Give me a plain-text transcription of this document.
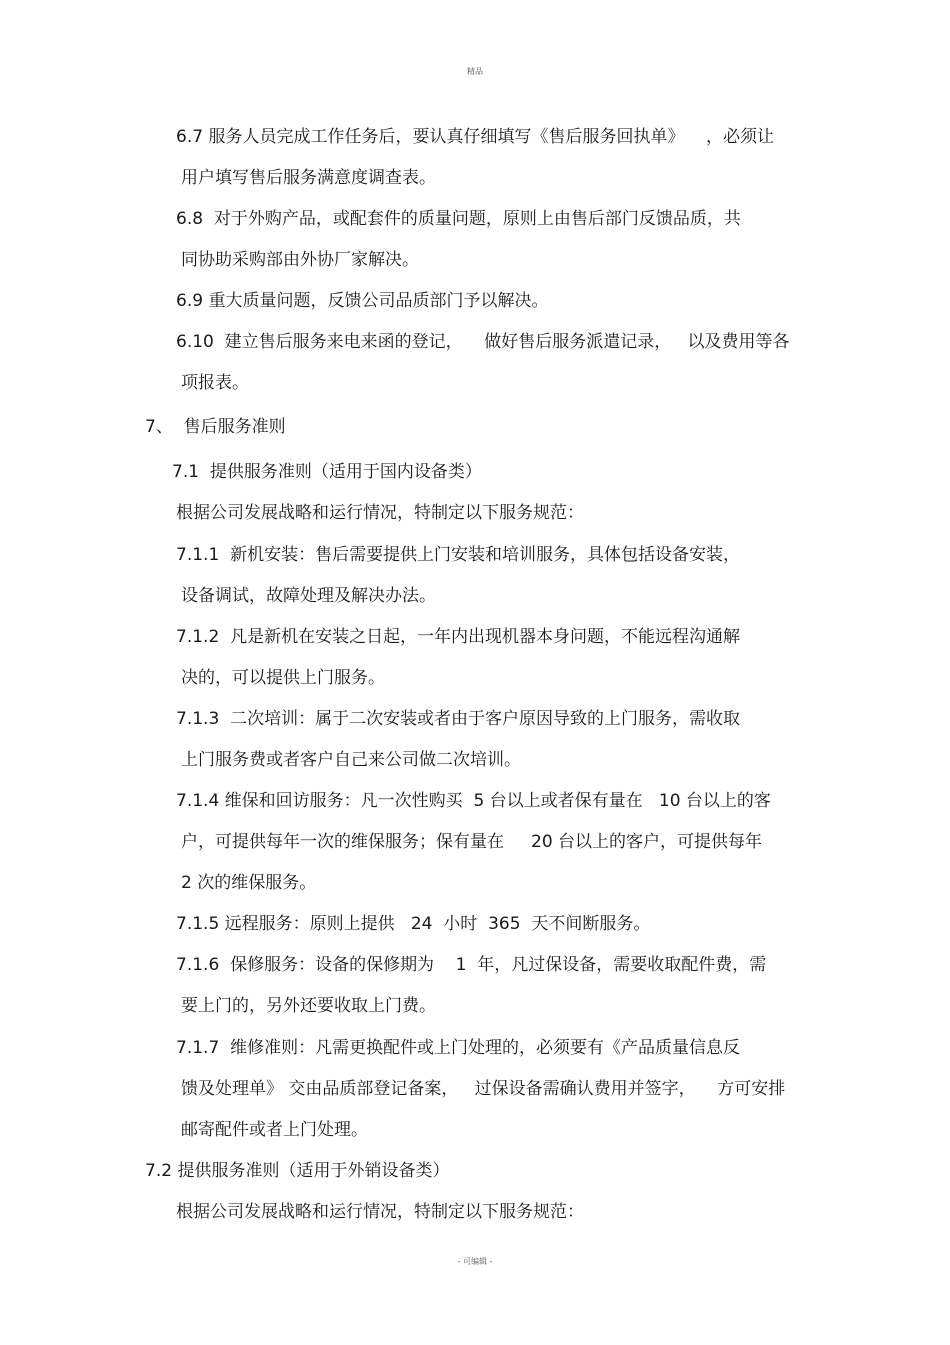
精品
6.7 服务人员完成工作任务后，要认真仔细填写《售后服务回执单》    ，必须让
用户填写售后服务满意度调查表。
6.8  对于外购产品，或配套件的质量问题，原则上由售后部门反馈品质，共
同协助采购部由外协厂家解决。
6.9 重大质量问题，反馈公司品质部门予以解决。
6.10  建立售后服务来电来函的登记，    做好售后服务派遣记录，   以及费用等各
项报表。
7、  售后服务准则
7.1  提供服务准则（适用于国内设备类）
根据公司发展战略和运行情况，特制定以下服务规范：
7.1.1  新机安装：售后需要提供上门安装和培训服务，具体包括设备安装，
设备调试，故障处理及解决办法。
7.1.2  凡是新机在安装之日起，一年内出现机器本身问题，不能远程沟通解
决的，可以提供上门服务。
7.1.3  二次培训：属于二次安装或者由于客户原因导致的上门服务，需收取
上门服务费或者客户自己来公司做二次培训。
7.1.4 维保和回访服务：凡一次性购买  5 台以上或者保有量在   10 台以上的客
户，可提供每年一次的维保服务；保有量在     20 台以上的客户，可提供每年
2 次的维保服务。
7.1.5 远程服务：原则上提供   24  小时  365  天不间断服务。
7.1.6  保修服务：设备的保修期为    1  年，凡过保设备，需要收取配件费，需
要上门的，另外还要收取上门费。
7.1.7  维修准则：凡需更换配件或上门处理的，必须要有《产品质量信息反
馈及处理单》 交由品质部登记备案，   过保设备需确认费用并签字，    方可安排
邮寄配件或者上门处理。
7.2 提供服务准则（适用于外销设备类）
根据公司发展战略和运行情况，特制定以下服务规范：
- 可编辑 -
